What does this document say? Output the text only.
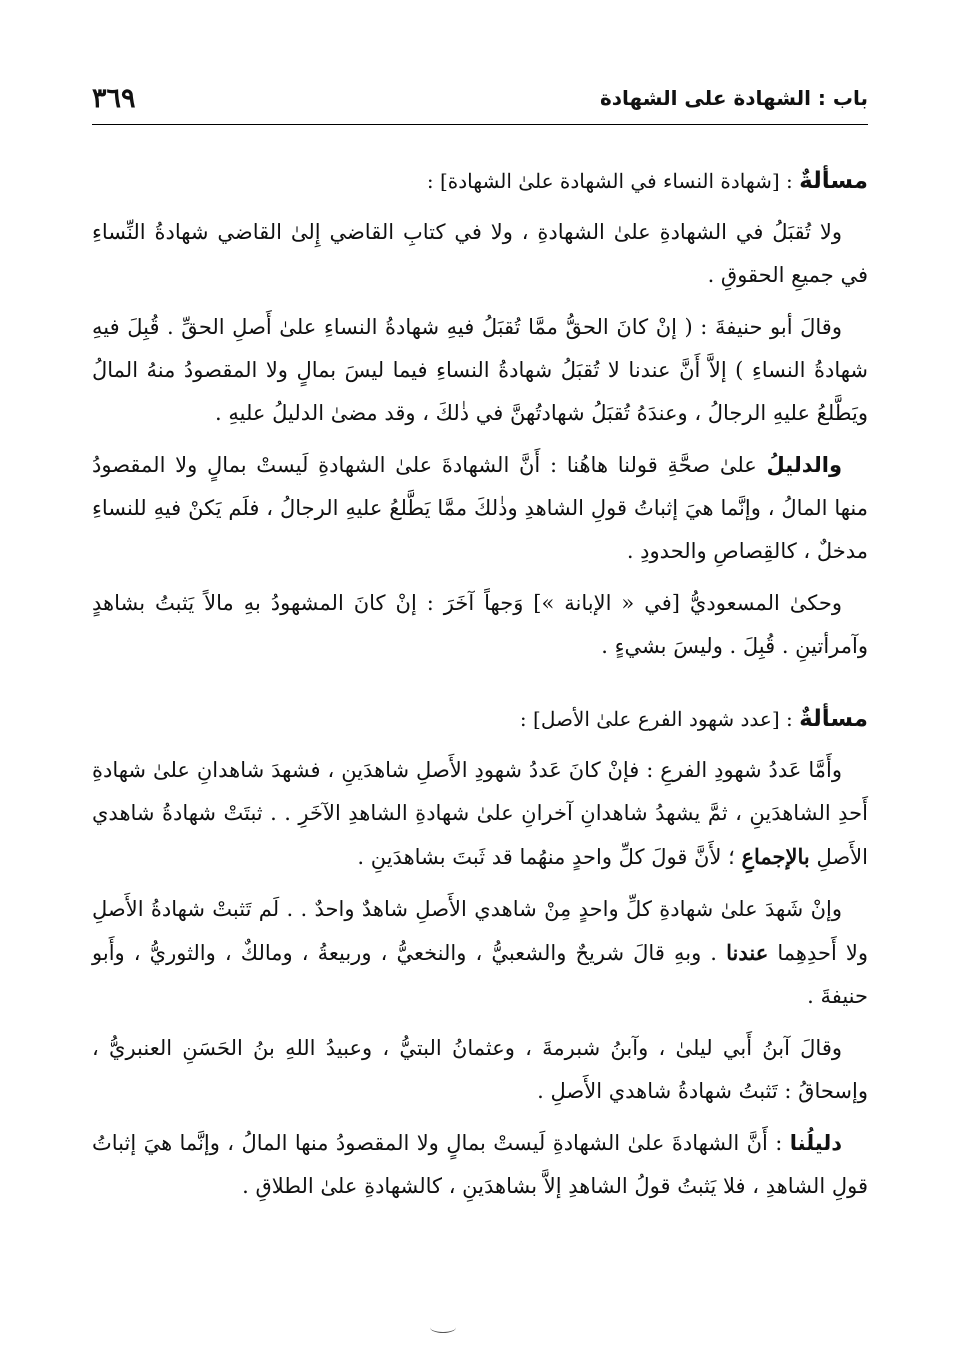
باب : الشهادة على الشهادة
٣٦٩

مسألةٌ : [شهادة النساء في الشهادة علىٰ الشهادة] :

ولا تُقبَلُ في الشهادةِ علىٰ الشهادةِ ، ولا في كتابِ القاضي إِلىٰ القاضي شهادةُ النِّساءِ في جميعِ الحقوقِ .

وقالَ أبو حنيفةَ : ( إنْ كانَ الحقُّ ممَّا تُقبَلُ فيهِ شهادةُ النساءِ علىٰ أَصلِ الحقِّ . قُبِلَ فيهِ شهادةُ النساءِ ) إلاَّ أَنَّ عندنا لا تُقبَلُ شهادةُ النساءِ فيما ليسَ بمالٍ ولا المقصودُ منهُ المالُ ويَطَّلعُ عليهِ الرجالُ ، وعندَهُ تُقبَلُ شهادتُهنَّ في ذٰلكَ ، وقد مضىٰ الدليلُ عليهِ .

والدليلُ علىٰ صحَّةِ قولنا هاهُنا : أَنَّ الشهادةَ علىٰ الشهادةِ لَيستْ بمالٍ ولا المقصودُ منها المالُ ، وإنَّما هيَ إثباتُ قولِ الشاهدِ وذٰلكَ ممَّا يَطَّلعُ عليهِ الرجالُ ، فلَم يَكنْ فيهِ للنساءِ مدخلٌ ، كالقِصاصِ والحدودِ .

وحكىٰ المسعوديُّ [في « الإبانة »] وَجهاً آخَرَ : إنْ كانَ المشهودُ بهِ مالاً يَثبتُ بشاهدٍ وآمرأتينِ . قُبِلَ . وليسَ بشيءٍ .

مسألةٌ : [عدد شهود الفرع علىٰ الأصل] :

وأَمَّا عَددُ شهودِ الفرعِ : فإنْ كانَ عَددُ شهودِ الأَصلِ شاهدَينِ ، فشهدَ شاهدانِ علىٰ شهادةِ أَحدِ الشاهدَينِ ، ثمَّ يشهدُ شاهدانِ آخرانِ علىٰ شهادةِ الشاهدِ الآخَرِ . . ثبتَتْ شهادةُ شاهدي الأَصلِ بالإجماعِ ؛ لأَنَّ قولَ كلِّ واحدٍ منهُما قد ثَبتَ بشاهدَينِ .

وإنْ شَهدَ علىٰ شهادةِ كلِّ واحدٍ مِنْ شاهدي الأَصلِ شاهدٌ واحدٌ . . لَم تَثبتْ شهادةُ الأَصلِ ولا أَحدِهِما عندنا . وبهِ قالَ شريحٌ والشعبيُّ ، والنخعيُّ ، وربيعةُ ، ومالكٌ ، والثوريُّ ، وأَبو حنيفةَ .

وقالَ آبنُ أَبي ليلىٰ ، وآبنُ شبرمةَ ، وعثمانُ البتيُّ ، وعبيدُ اللهِ بنُ الحَسَنِ العنبريُّ ، وإسحاقُ : تَثبتُ شهادةُ شاهدي الأَصلِ .

دليلُنا : أَنَّ الشهادةَ علىٰ الشهادةِ لَيستْ بمالٍ ولا المقصودُ منها المالُ ، وإنَّما هيَ إثباتُ قولِ الشاهدِ ، فلا يَثبتُ قولُ الشاهدِ إلاَّ بشاهدَينِ ، كالشهادةِ علىٰ الطلاقِ .
